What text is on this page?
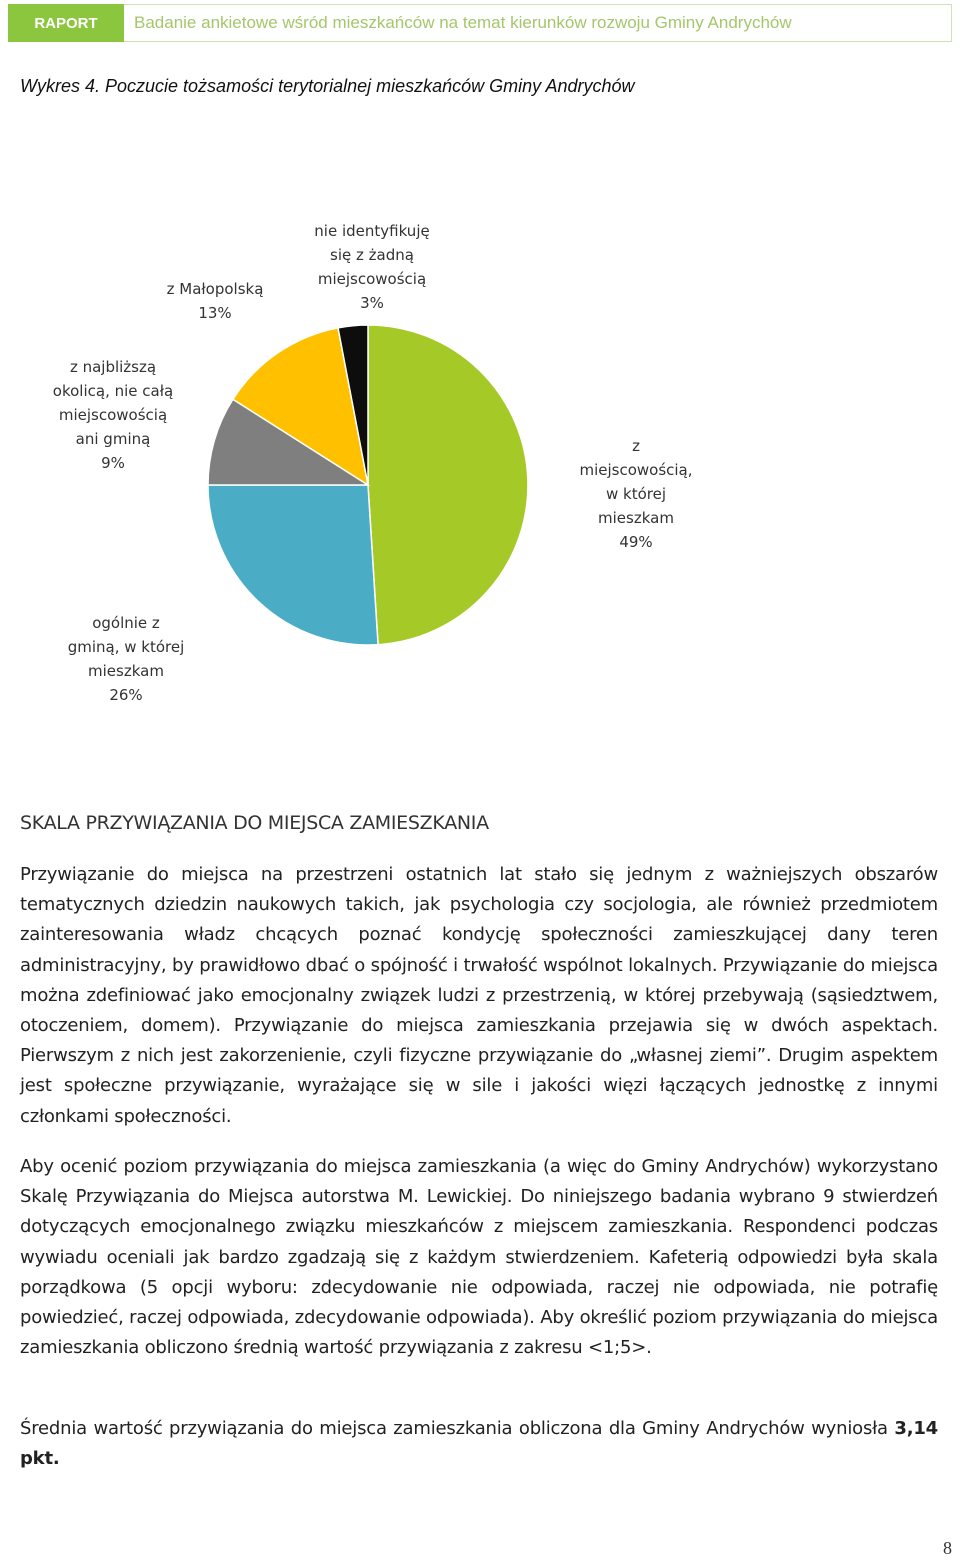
RAPORT	Badanie ankietowe wśród mieszkańców na temat kierunków rozwoju Gminy Andrychów
Wykres 4. Poczucie tożsamości terytorialnej mieszkańców Gminy Andrychów
z miejscowością, w której mieszkam 49%
ogólnie z gminą, w której mieszkam 26%
z najbliższą okolicą, nie całą miejscowością ani gminą 9%
z Małopolską 13%
nie identyfikuję się z żadną miejscowością 3%
SKALA PRZYWIĄZANIA DO MIEJSCA ZAMIESZKANIA

Przywiązanie do miejsca na przestrzeni ostatnich lat stało się jednym z ważniejszych obszarów tematycznych dziedzin naukowych takich, jak psychologia czy socjologia, ale również przedmiotem zainteresowania władz chcących poznać kondycję społeczności zamieszkującej dany teren administracyjny, by prawidłowo dbać o spójność i trwałość wspólnot lokalnych. Przywiązanie do miejsca można zdefiniować jako emocjonalny związek ludzi z przestrzenią, w której przebywają (sąsiedztwem, otoczeniem, domem). Przywiązanie do miejsca zamieszkania przejawia się w dwóch aspektach. Pierwszym z nich jest zakorzenienie, czyli fizyczne przywiązanie do „własnej ziemi”. Drugim aspektem jest społeczne przywiązanie, wyrażające się w sile i jakości więzi łączących jednostkę z innymi członkami społeczności.

Aby ocenić poziom przywiązania do miejsca zamieszkania (a więc do Gminy Andrychów) wykorzystano Skalę Przywiązania do Miejsca autorstwa M. Lewickiej. Do niniejszego badania wybrano 9 stwierdzeń dotyczących emocjonalnego związku mieszkańców z miejscem zamieszkania. Respondenci podczas wywiadu oceniali jak bardzo zgadzają się z każdym stwierdzeniem. Kafeterią odpowiedzi była skala porządkowa (5 opcji wyboru: zdecydowanie nie odpowiada, raczej nie odpowiada, nie potrafię powiedzieć, raczej odpowiada, zdecydowanie odpowiada). Aby określić poziom przywiązania do miejsca zamieszkania obliczono średnią wartość przywiązania z zakresu <1;5>.

Średnia wartość przywiązania do miejsca zamieszkania obliczona dla Gminy Andrychów wyniosła 3,14 pkt.

8
